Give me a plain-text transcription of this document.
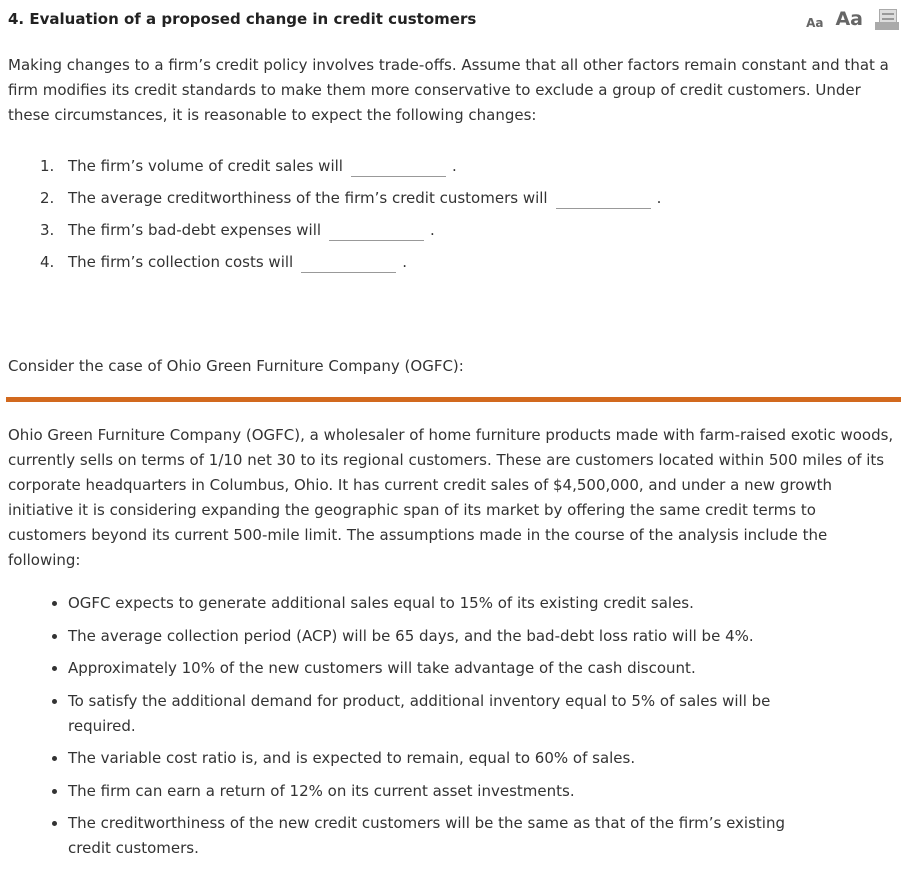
4. Evaluation of a proposed change in credit customers	Aa Aa

Making changes to a firm’s credit policy involves trade-offs. Assume that all other factors remain constant and that a firm modifies its credit standards to make them more conservative to exclude a group of credit customers. Under these circumstances, it is reasonable to expect the following changes:

1. The firm’s volume of credit sales will	.
2. The average creditworthiness of the firm’s credit customers will	.
3. The firm’s bad-debt expenses will	.
4. The firm’s collection costs will	.

Consider the case of Ohio Green Furniture Company (OGFC):

Ohio Green Furniture Company (OGFC), a wholesaler of home furniture products made with farm-raised exotic woods, currently sells on terms of 1/10 net 30 to its regional customers. These are customers located within 500 miles of its corporate headquarters in Columbus, Ohio. It has current credit sales of $4,500,000, and under a new growth initiative it is considering expanding the geographic span of its market by offering the same credit terms to customers beyond its current 500-mile limit. The assumptions made in the course of the analysis include the following:

• OGFC expects to generate additional sales equal to 15% of its existing credit sales.
• The average collection period (ACP) will be 65 days, and the bad-debt loss ratio will be 4%.
• Approximately 10% of the new customers will take advantage of the cash discount.
• To satisfy the additional demand for product, additional inventory equal to 5% of sales will be required.
• The variable cost ratio is, and is expected to remain, equal to 60% of sales.
• The firm can earn a return of 12% on its current asset investments.
• The creditworthiness of the new credit customers will be the same as that of the firm’s existing credit customers.
